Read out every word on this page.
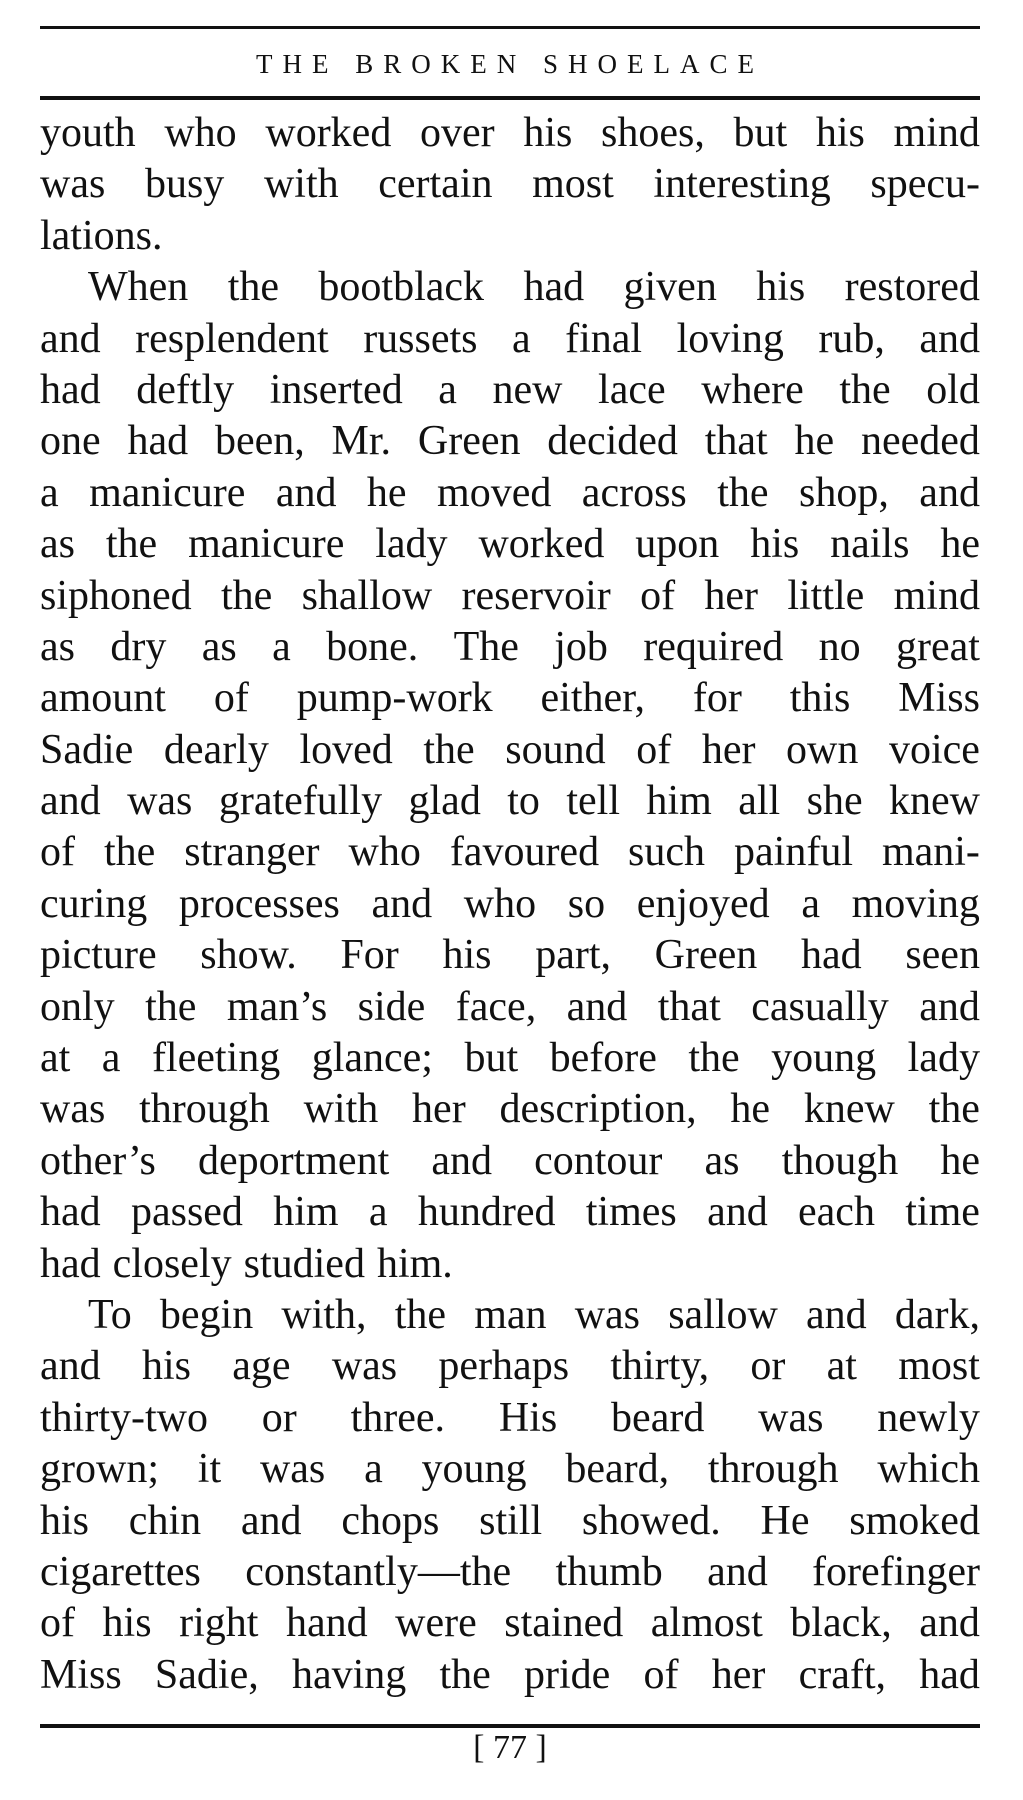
THE BROKEN SHOELACE
youth who worked over his shoes, but his mind
was busy with certain most interesting specu-
lations.
When the bootblack had given his restored
and resplendent russets a final loving rub, and
had deftly inserted a new lace where the old
one had been, Mr. Green decided that he needed
a manicure and he moved across the shop, and
as the manicure lady worked upon his nails he
siphoned the shallow reservoir of her little mind
as dry as a bone. The job required no great
amount of pump-work either, for this Miss
Sadie dearly loved the sound of her own voice
and was gratefully glad to tell him all she knew
of the stranger who favoured such painful mani-
curing processes and who so enjoyed a moving
picture show. For his part, Green had seen
only the man’s side face, and that casually and
at a fleeting glance; but before the young lady
was through with her description, he knew the
other’s deportment and contour as though he
had passed him a hundred times and each time
had closely studied him.
To begin with, the man was sallow and dark,
and his age was perhaps thirty, or at most
thirty-two or three. His beard was newly
grown; it was a young beard, through which
his chin and chops still showed. He smoked
cigarettes constantly—the thumb and forefinger
of his right hand were stained almost black, and
Miss Sadie, having the pride of her craft, had
[ 77 ]
